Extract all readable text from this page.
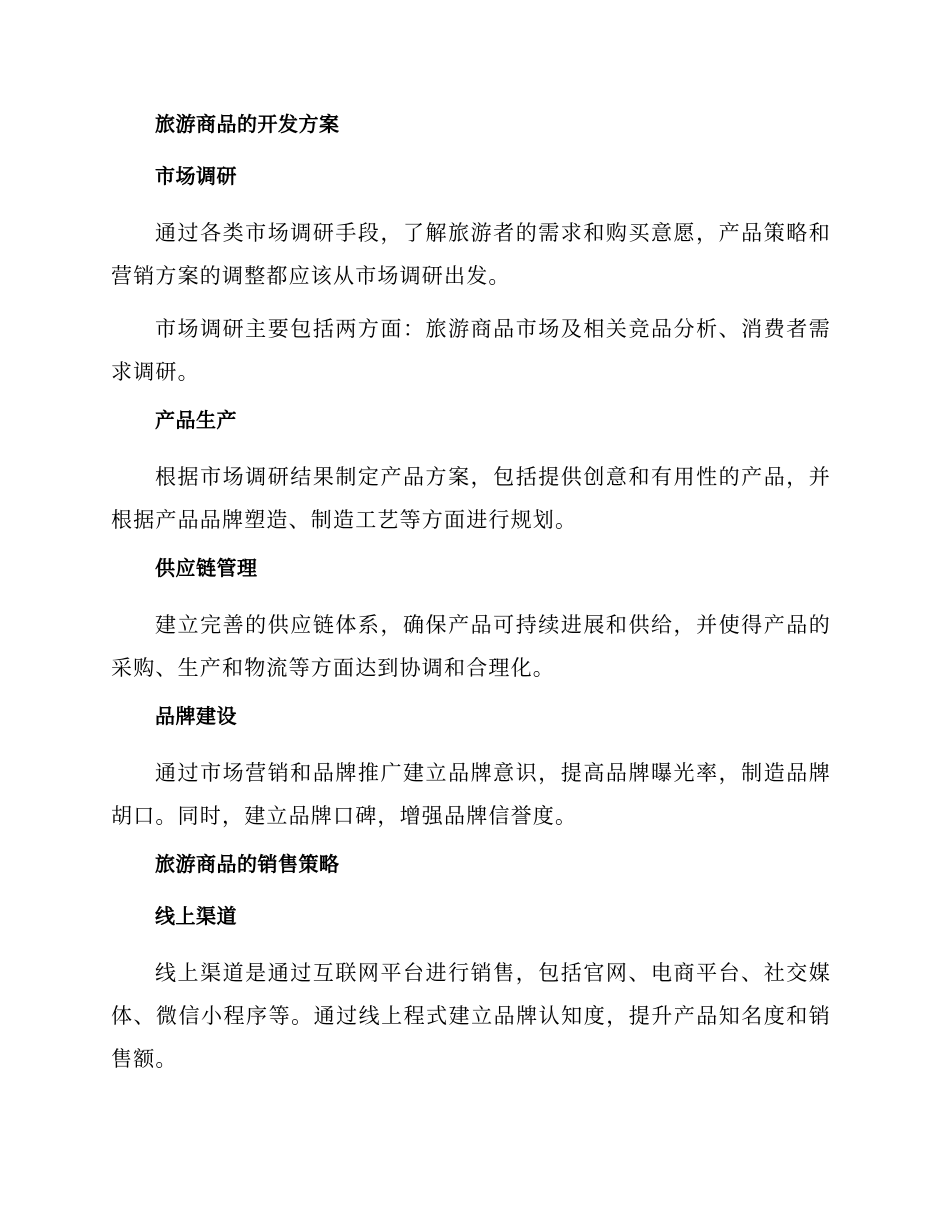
旅游商品的开发方案
市场调研

通过各类市场调研手段，了解旅游者的需求和购买意愿，产品策略和营销方案的调整都应该从市场调研出发。

市场调研主要包括两方面：旅游商品市场及相关竞品分析、消费者需求调研。

产品生产

根据市场调研结果制定产品方案，包括提供创意和有用性的产品，并根据产品品牌塑造、制造工艺等方面进行规划。

供应链管理

建立完善的供应链体系，确保产品可持续进展和供给，并使得产品的采购、生产和物流等方面达到协调和合理化。

品牌建设

通过市场营销和品牌推广建立品牌意识，提高品牌曝光率，制造品牌胡口。同时，建立品牌口碑，增强品牌信誉度。

旅游商品的销售策略
线上渠道

线上渠道是通过互联网平台进行销售，包括官网、电商平台、社交媒体、微信小程序等。通过线上程式建立品牌认知度，提升产品知名度和销售额。
